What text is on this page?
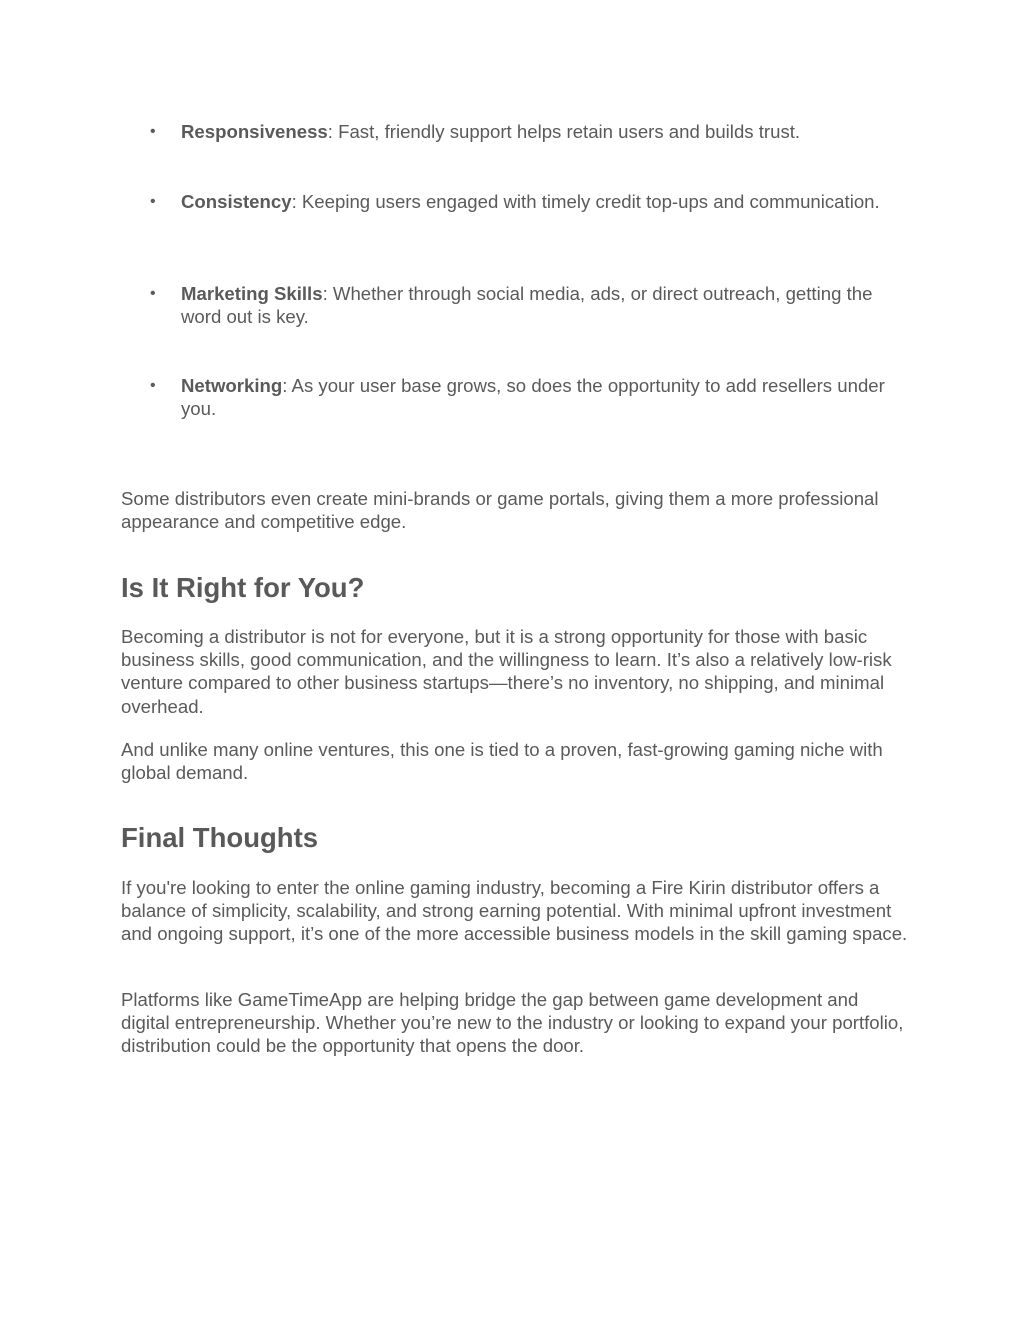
• Responsiveness: Fast, friendly support helps retain users and builds trust.
• Consistency: Keeping users engaged with timely credit top-ups and communication.
• Marketing Skills: Whether through social media, ads, or direct outreach, getting the word out is key.
• Networking: As your user base grows, so does the opportunity to add resellers under you.

Some distributors even create mini-brands or game portals, giving them a more professional appearance and competitive edge.

Is It Right for You?

Becoming a distributor is not for everyone, but it is a strong opportunity for those with basic business skills, good communication, and the willingness to learn. It’s also a relatively low-risk venture compared to other business startups—there’s no inventory, no shipping, and minimal overhead.

And unlike many online ventures, this one is tied to a proven, fast-growing gaming niche with global demand.

Final Thoughts

If you're looking to enter the online gaming industry, becoming a Fire Kirin distributor offers a balance of simplicity, scalability, and strong earning potential. With minimal upfront investment and ongoing support, it’s one of the more accessible business models in the skill gaming space.

Platforms like GameTimeApp are helping bridge the gap between game development and digital entrepreneurship. Whether you’re new to the industry or looking to expand your portfolio, distribution could be the opportunity that opens the door.
